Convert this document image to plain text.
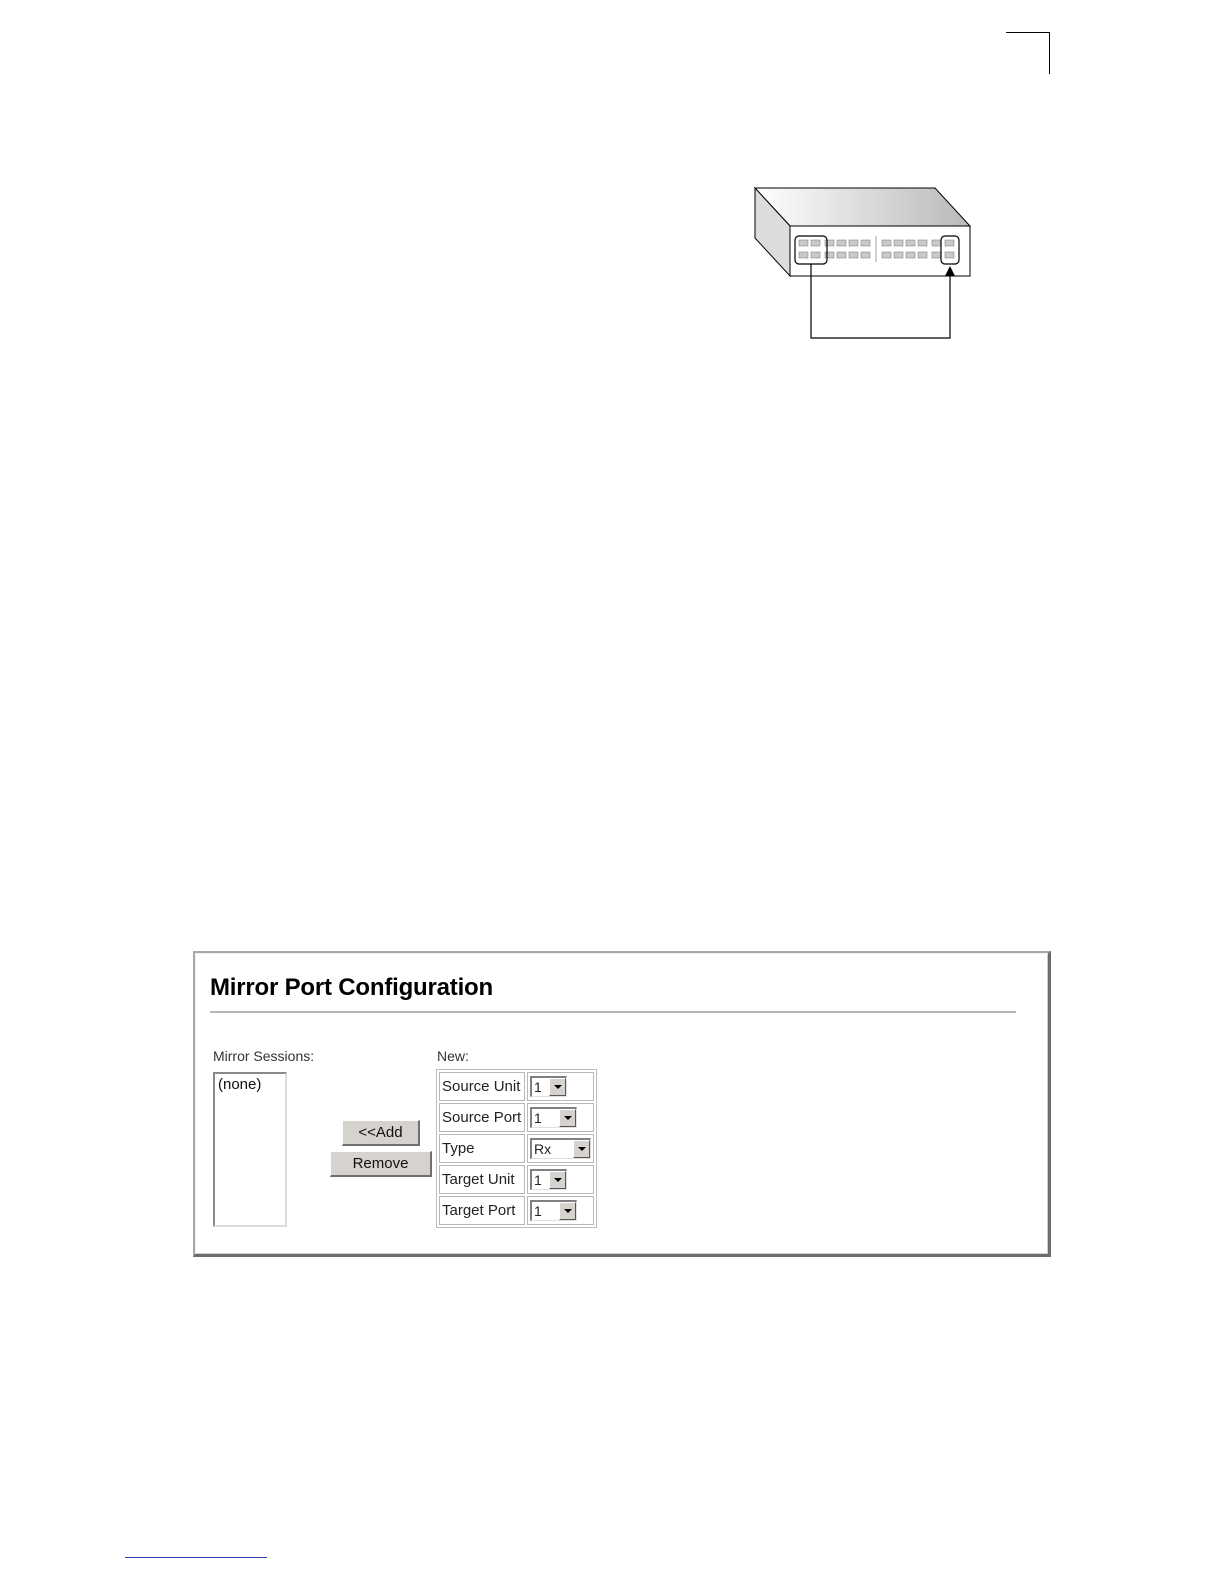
Mirror Port Configuration
Mirror Sessions:
(none)
<<Add
Remove
New:
Source Unit	1

Source Port	1

Type	Rx

Target Unit	1

Target Port	1
